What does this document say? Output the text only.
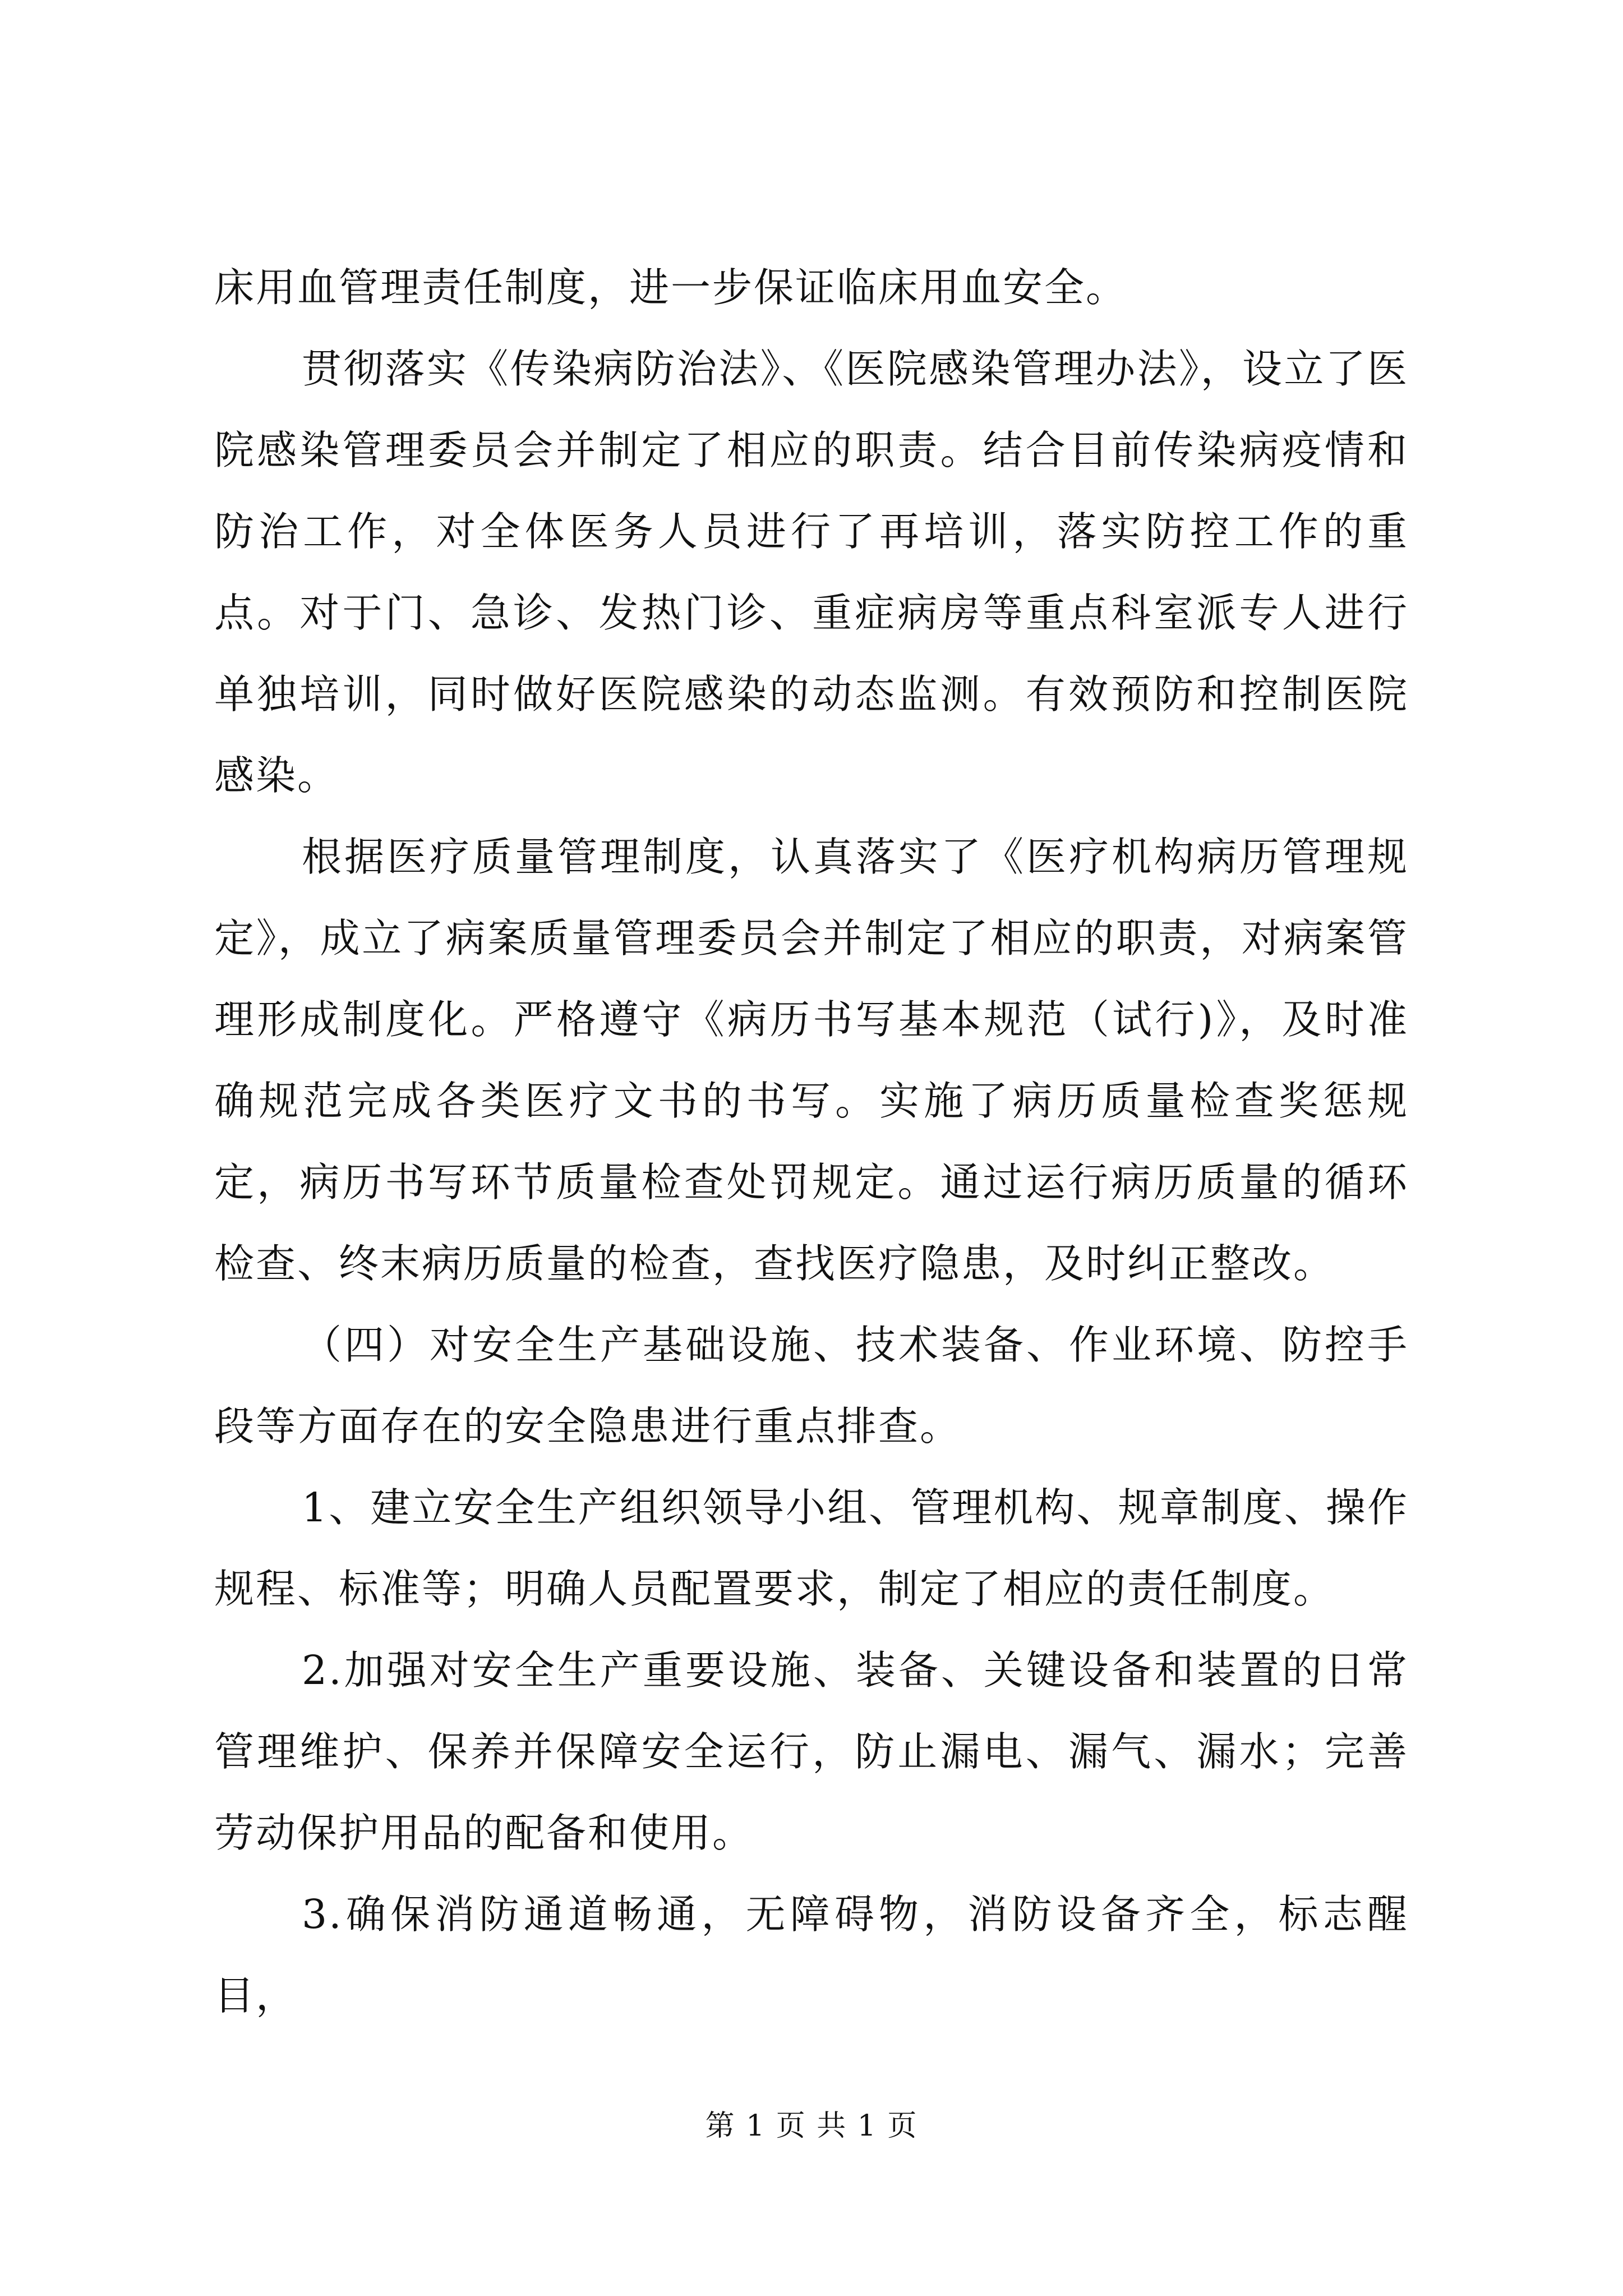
床用血管理责任制度，进一步保证临床用血安全。

贯彻落实《传染病防治法》、《医院感染管理办法》，设立了医院感染管理委员会并制定了相应的职责。结合目前传染病疫情和防治工作，对全体医务人员进行了再培训，落实防控工作的重点。对于门、急诊、发热门诊、重症病房等重点科室派专人进行单独培训，同时做好医院感染的动态监测。有效预防和控制医院感染。

根据医疗质量管理制度，认真落实了《医疗机构病历管理规定》，成立了病案质量管理委员会并制定了相应的职责，对病案管理形成制度化。严格遵守《病历书写基本规范（试行)》，及时准确规范完成各类医疗文书的书写。实施了病历质量检查奖惩规定，病历书写环节质量检查处罚规定。通过运行病历质量的循环检查、终末病历质量的检查，查找医疗隐患，及时纠正整改。

（四）对安全生产基础设施、技术装备、作业环境、防控手段等方面存在的安全隐患进行重点排查。

1、建立安全生产组织领导小组、管理机构、规章制度、操作规程、标准等；明确人员配置要求，制定了相应的责任制度。

2.加强对安全生产重要设施、装备、关键设备和装置的日常管理维护、保养并保障安全运行，防止漏电、漏气、漏水；完善劳动保护用品的配备和使用。

3.确保消防通道畅通，无障碍物，消防设备齐全，标志醒目，

第 1 页 共 1 页
